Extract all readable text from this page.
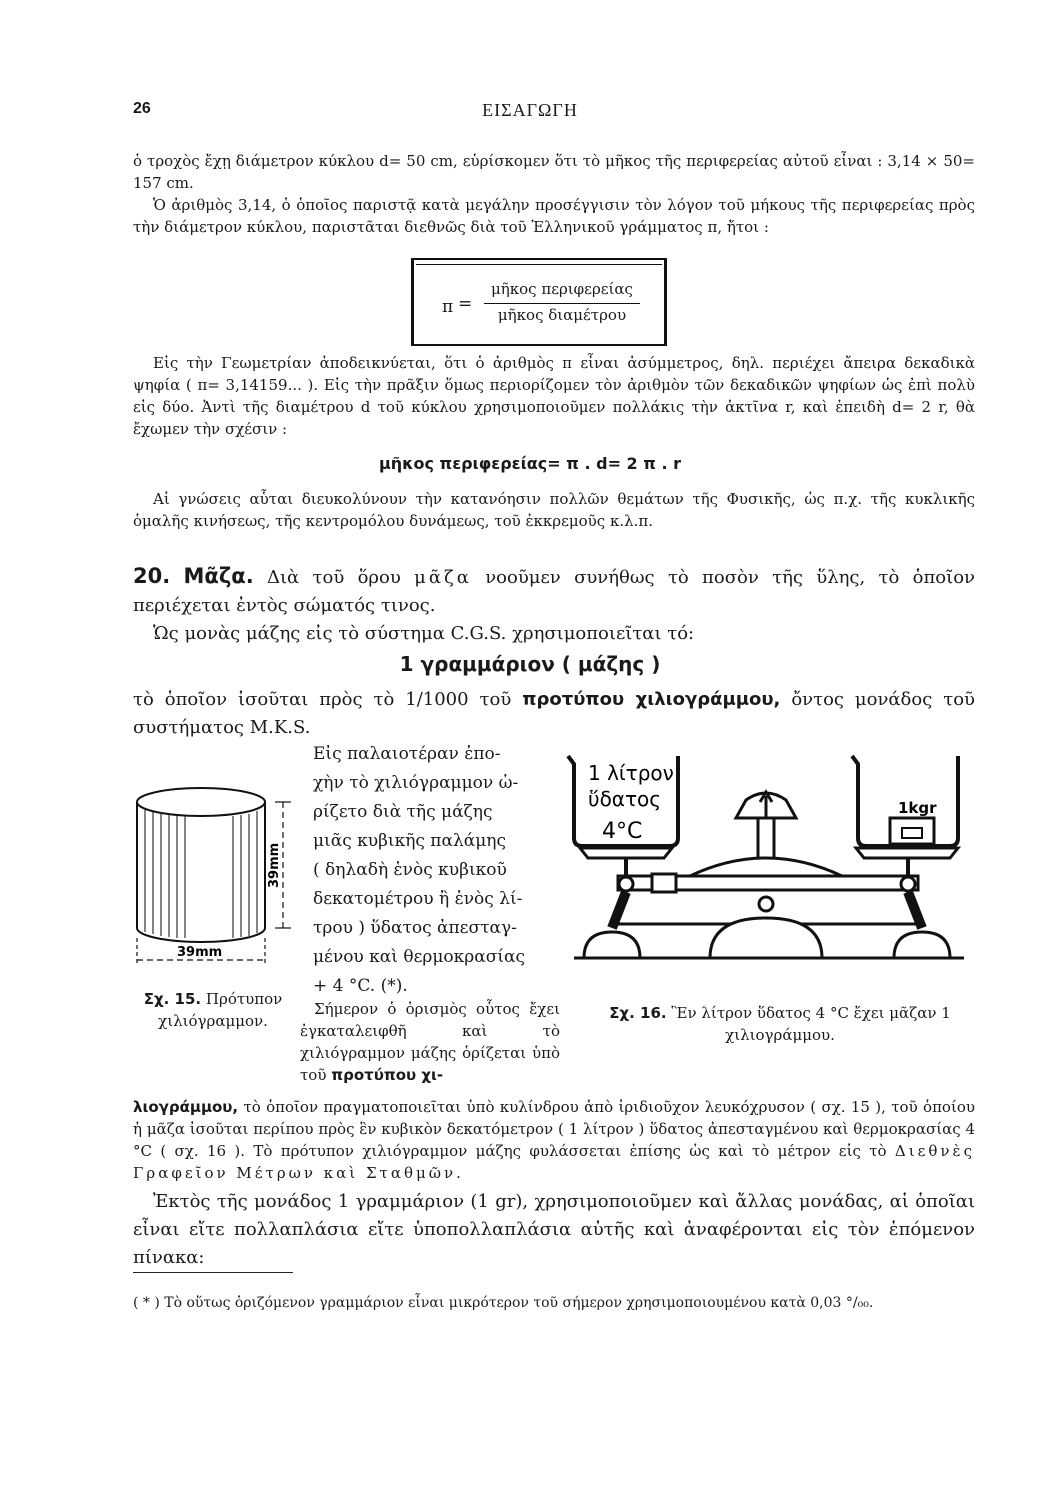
26	ΕΙΣΑΓΩΓΗ

ὁ τροχὸς ἔχῃ διάμετρον κύκλου d= 50 cm, εὑρίσκομεν ὅτι τὸ μῆκος τῆς περιφερείας αὐτοῦ εἶναι : 3,14 × 50= 157 cm.

Ὁ ἀριθμὸς 3,14, ὁ ὁποῖος παριστᾷ κατὰ μεγάλην προσέγγισιν τὸν λόγον τοῦ μήκους τῆς περιφερείας πρὸς τὴν διάμετρον κύκλου, παριστᾶται διεθνῶς διὰ τοῦ Ἑλληνικοῦ γράμματος π, ἤτοι :

π =
μῆκος περιφερείας
μῆκος διαμέτρου

Εἰς τὴν Γεωμετρίαν ἀποδεικνύεται, ὅτι ὁ ἀριθμὸς π εἶναι ἀσύμμετρος, δηλ. περιέχει ἄπειρα δεκαδικὰ ψηφία ( π= 3,14159... ). Εἰς τὴν πρᾶξιν ὅμως περιορίζομεν τὸν ἀριθμὸν τῶν δεκαδικῶν ψηφίων ὡς ἐπὶ πολὺ εἰς δύο. Ἀντὶ τῆς διαμέτρου d τοῦ κύκλου χρησιμοποιοῦμεν πολλάκις τὴν ἀκτῖνα r, καὶ ἐπειδὴ d= 2 r, θὰ ἔχωμεν τὴν σχέσιν :

μῆκος περιφερείας= π . d= 2 π . r

Αἱ γνώσεις αὗται διευκολύνουν τὴν κατανόησιν πολλῶν θεμάτων τῆς Φυσικῆς, ὡς π.χ. τῆς κυκλικῆς ὁμαλῆς κινήσεως, τῆς κεντρομόλου δυνάμεως, τοῦ ἐκκρεμοῦς κ.λ.π.

20. Μᾶζα. Διὰ τοῦ ὅρου μᾶζα νοοῦμεν συνήθως τὸ ποσὸν τῆς ὕλης, τὸ ὁποῖον περιέχεται ἐντὸς σώματός τινος.

Ὡς μονὰς μάζης εἰς τὸ σύστημα C.G.S. χρησιμοποιεῖται τό:

1 γραμμάριον ( μάζης )

τὸ ὁποῖον ἰσοῦται πρὸς τὸ 1/1000 τοῦ προτύπου χιλιογράμμου, ὄντος μονάδος τοῦ συστήματος M.K.S.

39mm
39mm
Εἰς παλαιοτέραν ἐπο-
χὴν τὸ χιλιόγραμμον ὡ-
ρίζετο διὰ τῆς μάζης
μιᾶς κυβικῆς παλάμης
( δηλαδὴ ἑνὸς κυβικοῦ
δεκατομέτρου ἢ ἑνὸς λί-
τρου ) ὕδατος ἀπεσταγ-
μένου καὶ θερμοκρασίας
+ 4 °C. (*).
Σχ. 15. Πρότυπον χιλιόγραμμον.
Σήμερον ὁ ὁρισμὸς οὗτος ἔχει ἐγκαταλειφθῆ καὶ τὸ χιλιόγραμμον μάζης ὁρίζεται ὑπὸ τοῦ προτύπου χι-
1 λίτρον
ὕδατος
4°C
1kgr
Σχ. 16. Ἓν λίτρον ὕδατος 4 °C ἔχει μᾶζαν 1 χιλιογράμμου.

λιογράμμου, τὸ ὁποῖον πραγματοποιεῖται ὑπὸ κυλίνδρου ἀπὸ ἰριδιοῦχον λευκόχρυσον ( σχ. 15 ), τοῦ ὁποίου ἡ μᾶζα ἰσοῦται περίπου πρὸς ἓν κυβικὸν δεκατόμετρον ( 1 λίτρον ) ὕδατος ἀπεσταγμένου καὶ θερμοκρασίας 4 °C ( σχ. 16 ). Τὸ πρότυπον χιλιόγραμμον μάζης φυλάσσεται ἐπίσης ὡς καὶ τὸ μέτρον εἰς τὸ Διεθνὲς Γραφεῖον Μέτρων καὶ Σταθμῶν.

Ἐκτὸς τῆς μονάδος 1 γραμμάριον (1 gr), χρησιμοποιοῦμεν καὶ ἄλλας μονάδας, αἱ ὁποῖαι εἶναι εἴτε πολλαπλάσια εἴτε ὑποπολλαπλάσια αὐτῆς καὶ ἀναφέρονται εἰς τὸν ἑπόμενον πίνακα:

( * ) Τὸ οὕτως ὁριζόμενον γραμμάριον εἶναι μικρότερον τοῦ σήμερον χρησιμοποιουμένου κατὰ 0,03 °/₀₀.
